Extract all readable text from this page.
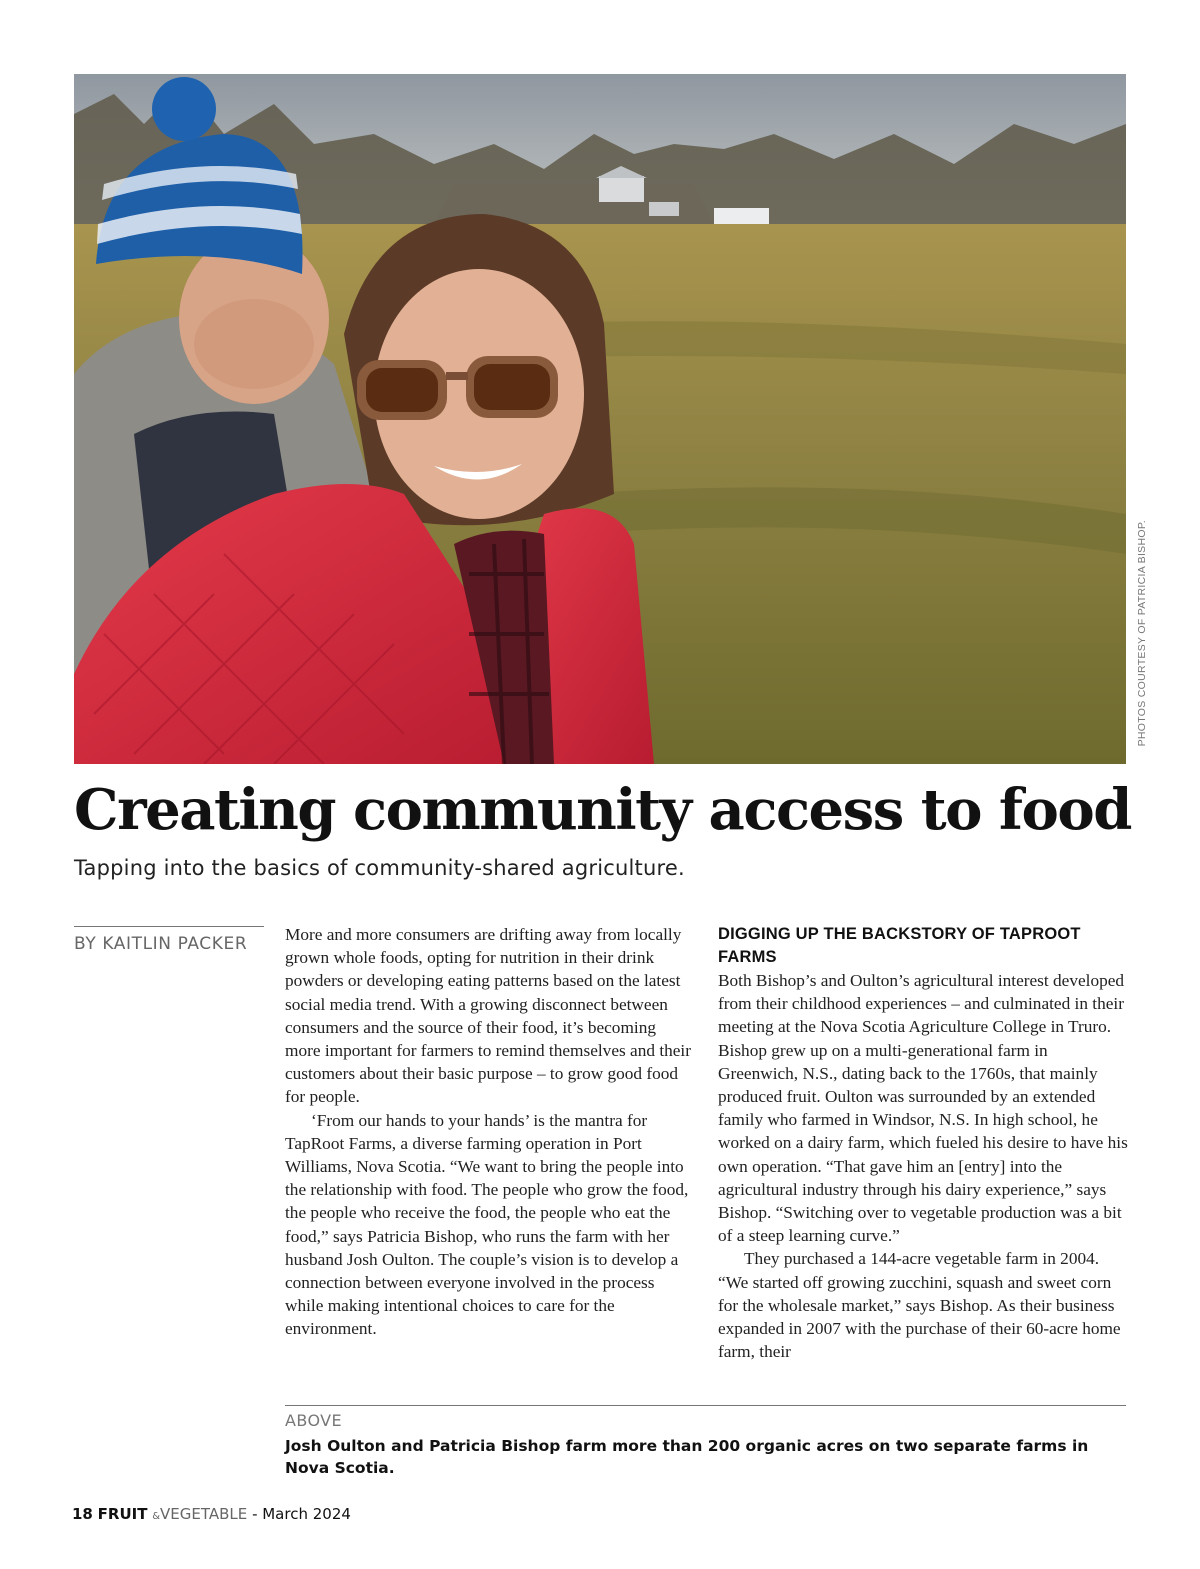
PHOTOS COURTESY OF PATRICIA BISHOP.
Creating community access to food

Tapping into the basics of community-shared agriculture.

BY KAITLIN PACKER More and more consumers are drifting away from locally grown whole foods, opting for nutrition in their drink powders or developing eating patterns based on the latest social media trend. With a growing disconnect between consumers and the source of their food, it’s becoming more important for farmers to remind themselves and their customers about their basic purpose – to grow good food for people.

‘From our hands to your hands’ is the mantra for TapRoot Farms, a diverse farming operation in Port Williams, Nova Scotia. “We want to bring the people into the relationship with food. The people who grow the food, the people who receive the food, the people who eat the food,” says Patricia Bishop, who runs the farm with her husband Josh Oulton. The couple’s vision is to develop a connection between everyone involved in the process while making intentional choices to care for the environment.

DIGGING UP THE BACKSTORY OF TAPROOT FARMS

Both Bishop’s and Oulton’s agricultural interest developed from their childhood experiences – and culminated in their meeting at the Nova Scotia Agriculture College in Truro. Bishop grew up on a multi-generational farm in Greenwich, N.S., dating back to the 1760s, that mainly produced fruit. Oulton was surrounded by an extended family who farmed in Windsor, N.S. In high school, he worked on a dairy farm, which fueled his desire to have his own operation. “That gave him an [entry] into the agricultural industry through his dairy experience,” says Bishop. “Switching over to vegetable production was a bit of a steep learning curve.”

They purchased a 144-acre vegetable farm in 2004. “We started off growing zucchini, squash and sweet corn for the wholesale market,” says Bishop. As their business expanded in 2007 with the purchase of their 60-acre home farm, their

ABOVE

Josh Oulton and Patricia Bishop farm more than 200 organic acres on two separate farms in Nova Scotia.

18 FRUIT &VEGETABLE - March 2024
